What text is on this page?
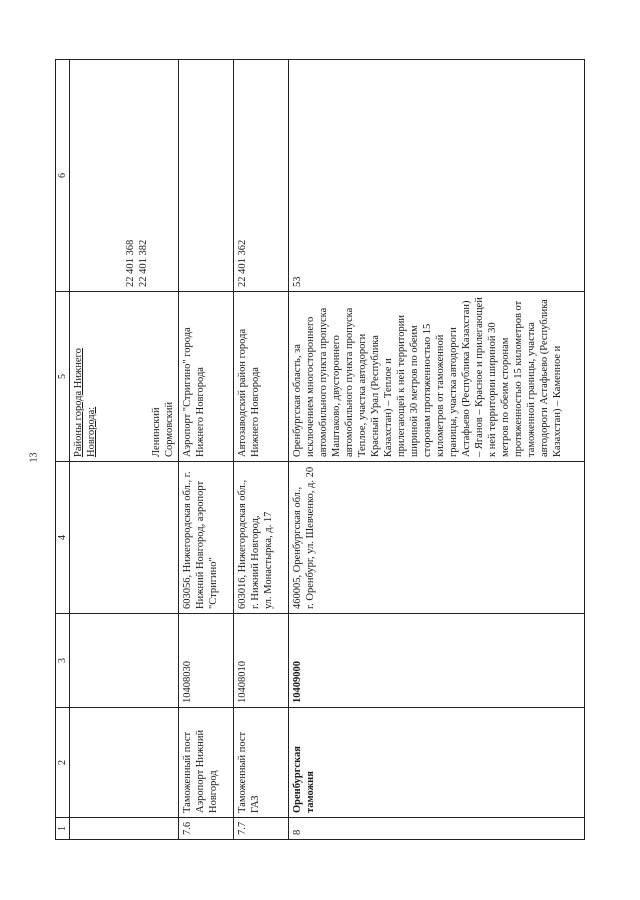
13
1	2	3	4	5	6
				Районы города Нижнего Новгорода: Ленинский Сормовский	22 401 368 22 401 382
7.6	Таможенный пост Аэропорт Нижний Новгород	10408030	603056, Нижегородская обл., г. Нижний Новгород, аэропорт "Стригино"	Аэропорт "Стригино" города Нижнего Новгорода	
7.7	Таможенный пост ГАЗ	10408010	603016, Нижегородская обл., г. Нижний Новгород, ул. Монастырка, д. 17	Автозаводский район города Нижнего Новгорода	22 401 362
8	Оренбургская таможня	10409000	460005, Оренбургская обл., г. Оренбург, ул. Шевченко, д. 20	Оренбургская область, за исключением многостороннего автомобильного пункта пропуска Маштаково, двустороннего автомобильного пункта пропуска Теплое, участка автодороги Красный Урал (Республика Казахстан) – Теплое и прилегающей к ней территории шириной 30 метров по обеим сторонам протяженностью 15 километров от таможенной границы, участка автодороги Астафьево (Республика Казахстан) – Яганов – Красное и прилегающей к ней территории шириной 30 метров по обеим сторонам протяженностью 15 километров от таможенной границы, участка автодороги Астафьево (Республика Казахстан) – Каменное и	53
